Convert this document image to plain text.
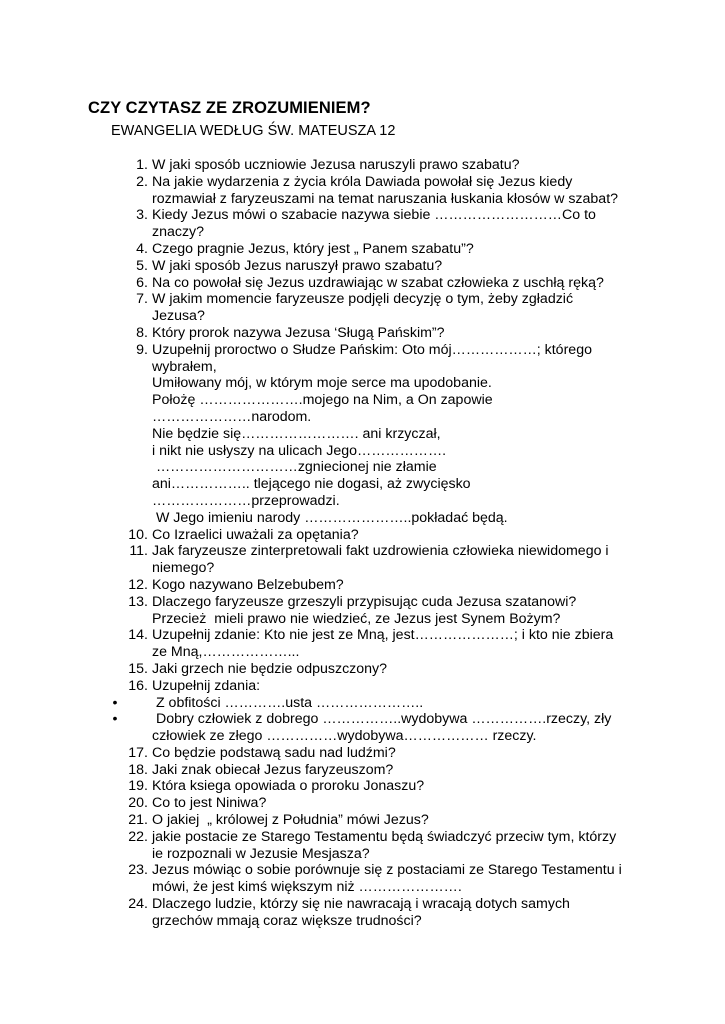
CZY CZYTASZ ZE ZROZUMIENIEM?
EWANGELIA WEDŁUG ŚW. MATEUSZA 12
1. W jaki sposób uczniowie Jezusa naruszyli prawo szabatu?
2. Na jakie wydarzenia z życia króla Dawiada powołał się Jezus kiedy
rozmawiał z faryzeuszami na temat naruszania łuskania kłosów w szabat?
3. Kiedy Jezus mówi o szabacie nazywa siebie ………………………Co to
znaczy?
4. Czego pragnie Jezus, który jest „ Panem szabatu”?
5. W jaki sposób Jezus naruszył prawo szabatu?
6. Na co powołał się Jezus uzdrawiając w szabat człowieka z uschłą ręką?
7. W jakim momencie faryzeusze podjęli decyzję o tym, żeby zgładzić
Jezusa?
8. Który prorok nazywa Jezusa ‘Sługą Pańskim”?
9. Uzupełnij proroctwo o Słudze Pańskim: Oto mój………………; którego
wybrałem,
Umiłowany mój, w którym moje serce ma upodobanie.
Położę ………………….mojego na Nim, a On zapowie
…………………narodom.
Nie będzie się……………………. ani krzyczał,
i nikt nie usłyszy na ulicach Jego……………….
…………………………zgniecionej nie złamie
ani…………….. tlejącego nie dogasi, aż zwycięsko
…………………przeprowadzi.
W Jego imieniu narody …………………..pokładać będą.
10. Co Izraelici uważali za opętania?
11. Jak faryzeusze zinterpretowali fakt uzdrowienia człowieka niewidomego i
niemego?
12. Kogo nazywano Belzebubem?
13. Dlaczego faryzeusze grzeszyli przypisując cuda Jezusa szatanowi?
Przecież  mieli prawo nie wiedzieć, ze Jezus jest Synem Bożym?
14. Uzupełnij zdanie: Kto nie jest ze Mną, jest…………………; i kto nie zbiera
ze Mną,………………...
15. Jaki grzech nie będzie odpuszczony?
16. Uzupełnij zdania:
•	Z obfitości ………….usta …………………..
•	Dobry człowiek z dobrego ……………..wydobywa …………….rzeczy, zły
człowiek ze złego ……………wydobywa……………… rzeczy.
17. Co będzie podstawą sadu nad ludźmi?
18. Jaki znak obiecał Jezus faryzeuszom?
19. Która ksiega opowiada o proroku Jonaszu?
20. Co to jest Niniwa?
21. O jakiej  „ królowej z Południa” mówi Jezus?
22. jakie postacie ze Starego Testamentu będą świadczyć przeciw tym, którzy
ie rozpoznali w Jezusie Mesjasza?
23. Jezus mówiąc o sobie porównuje się z postaciami ze Starego Testamentu i
mówi, że jest kimś większym niż ………………….
24. Dlaczego ludzie, którzy się nie nawracają i wracają dotych samych
grzechów mmają coraz większe trudności?
